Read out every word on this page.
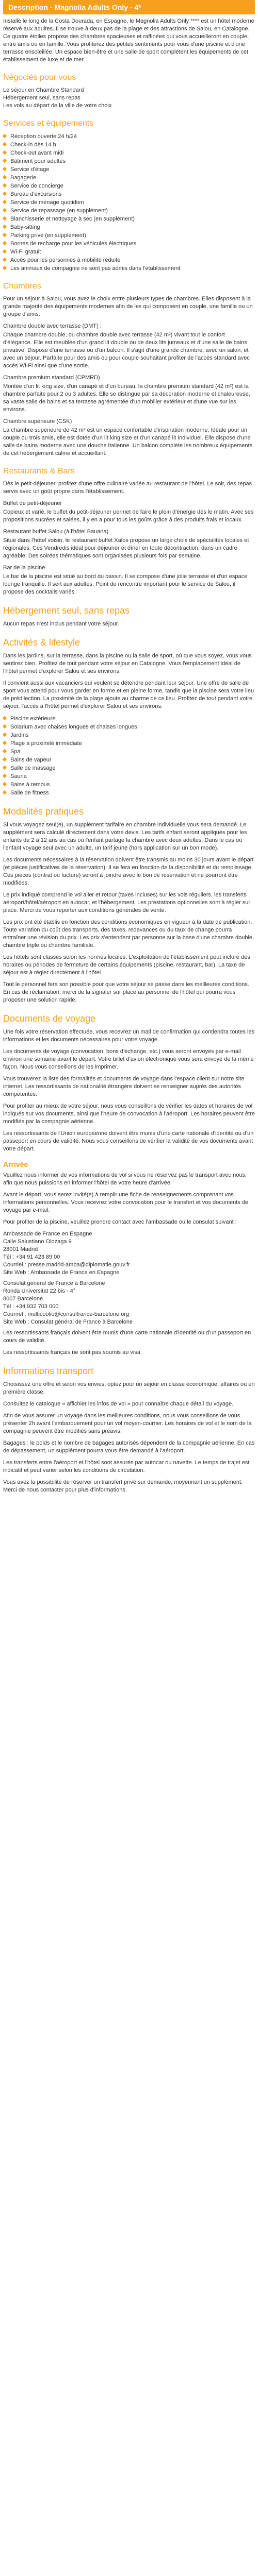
Description - Magnolia Adults Only - 4*

Installé le long de la Costa Dourada, en Espagne, le Magnolia Adults Only **** est un hôtel moderne réservé aux adultes. Il se trouve à deux pas de la plage et des attractions de Salou, en Catalogne. Ce quatre étoiles propose des chambres spacieuses et raffinées qui vous accueilleront en couple, entre amis ou en famille. Vous profiterez des petites sentiments pour vous d'une piscine et d'une terrasse ensoleillée. Un espace bien-être et une salle de sport complètent les équipements de cet établissement de luxe et de mer.

Négociés pour vous

Le séjour en Chambre Standard

Hébergement seul, sans repas

Les vols au départ de la ville de votre choix

Services et équipements
Réception ouverte 24 h/24
Check-in dès 14 h
Check-out avant midi
Bâtiment pour adultes
Service d'étage
Bagagerie
Service de concierge
Bureau d'excursions
Service de ménage quotidien
Service de repassage (en supplément)
Blanchisserie et nettoyage à sec (en supplément)
Baby-sitting
Parking privé (en supplément)
Bornes de recharge pour les véhicules électriques
Wi-Fi gratuit
Accès pour les personnes à mobilité réduite
Les animaux de compagnie ne sont pas admis dans l'établissement
Chambres

Pour un séjour à Salou, vous avez le choix entre plusieurs types de chambres. Elles disposent à la grande majorité des équipements modernes afin de les qui composent en couple, une famille ou un groupe d'amis.

Chambre double avec terrasse (DMT) :

Chaque chambre double, ou chambre double avec terrasse (42 m²) vivant tout le confort d'élégance. Elle est meublée d'un grand lit double ou de deux lits jumeaux et d'une salle de bains privative. Dispose d'une terrasse ou d'un balcon. Il s'agit d'une grande chambre, avec un salon, et avec un séjour. Parfaite pour des amis ou pour couple souhaitant profiter de l'accès standard avec accès Wi-Fi ainsi que d'une sortie.

Chambre premium standard (CPMRD)

Montée d'un lit king size, d'un canapé et d'un bureau, la chambre premium standard (42 m²) est la chambre parfaite pour 2 ou 3 adultes. Elle se distingue par sa décoration moderne et chaleureuse, sa vaste salle de bains et sa terrasse agrémentée d'un mobilier extérieur et d'une vue sur les environs.

Chambre supérieure (CSK)

La chambre supérieure de 42 m² est un espace confortable d'inspiration moderne. Idéale pour un couple ou trois amis, elle est dotée d'un lit king size et d'un canapé lit individuel. Elle dispose d'une salle de bains moderne avec une douche italienne. Un balcon complète les nombreux équipements de cet hébergement calme et accueillant.

Restaurants & Bars

Dès le petit-déjeuner, profitez d'une offre culinaire variée au restaurant de l'hôtel. Le soir, des repas servis avec un goût propre dans l'établissement.

Buffet de petit-déjeuner

Copieux et varié, le buffet du petit-déjeuner permet de faire le plein d'énergie dès le matin. Avec ses propositions sucrées et salées, il y en a pour tous les goûts grâce à des produits frais et locaux.

Restaurant buffet Salou (à l'hôtel Bauana)

Situé dans l'hôtel voisin, le restaurant buffet Xalos propose un large choix de spécialités locales et régionales. Ces Vendredis idéal pour déjeuner et dîner en toute décontraction, dans un cadre agréable. Des soirées thématiques sont organisées plusieurs fois par semaine.

Bar de la piscine

Le bar de la piscine est situé au bord du bassin. Il se compose d'une jolie terrasse et d'un espace lounge tranquille. Il sert aux adultes. Point de rencontre important pour le service de Salou, il propose des cocktails variés.

Hébergement seul, sans repas

Aucun repas n'est inclus pendant votre séjour.

Activités & lifestyle

Dans les jardins, sur la terrasse, dans la piscine ou la salle de sport, où que vous soyez, vous vous sentirez bien. Profitez de tout pendant votre séjour en Catalogne. Vous l'emplacement idéal de l'hôtel permet d'explorer Salou et ses environs.

Il convient aussi aux vacanciers qui veulent se détendre pendant leur séjour. Une offre de salle de sport vous attend pour vous garder en forme et en pleine forme, tandis que la piscine sera votre lieu de prédilection. La proximité de la plage ajoute au charme de ce lieu. Profitez de tout pendant votre séjour, l'accès à l'hôtel permet d'explorer Salou et ses environs.

Piscine extérieure
Solarium avec chaises longues et chaises longues
Jardins
Plage à proximité immédiate
Spa
Bains de vapeur
Salle de massage
Sauna
Bains à remous
Salle de fitness
Modalités pratiques

Si vous voyagez seul(e), un supplément tarifaire en chambre individuelle vous sera demandé. Le supplément sera calculé directement dans votre devis. Les tarifs enfant seront appliqués pour les enfants de 2 à 12 ans au cas où l'enfant partage la chambre avec deux adultes. Dans le cas où l'enfant voyage seul avec un adulte, un tarif jeune (hors application sur un bon mode).

Les documents nécessaires à la réservation doivent être transmis au moins 30 jours avant le départ (et pièces justificatives de la réservation). Il se fera en fonction de la disponibilité et du remplissage. Ces pièces (contrat ou facture) seront à joindre avec le bon de réservation et ne pourront être modifiées.

Le prix indiqué comprend le vol aller et retour (taxes incluses) sur les vols réguliers, les transferts aéroport/hôtel/aéroport en autocar, et l'hébergement. Les prestations optionnelles sont à régler sur place. Merci de vous reporter aux conditions générales de vente.

Les prix ont été établis en fonction des conditions économiques en vigueur à la date de publication. Toute variation du coût des transports, des taxes, redevances ou du taux de change pourra entraîner une révision du prix. Les prix s'entendent par personne sur la base d'une chambre double, chambre triple ou chambre familiale.

Les hôtels sont classés selon les normes locales. L'exploitation de l'établissement peut inclure des horaires ou périodes de fermeture de certains équipements (piscine, restaurant, bar). La taxe de séjour est à régler directement à l'hôtel.

Tout le personnel fera son possible pour que votre séjour se passe dans les meilleures conditions. En cas de réclamation, merci de la signaler sur place au personnel de l'hôtel qui pourra vous proposer une solution rapide.

Documents de voyage

Une fois votre réservation effectuée, vous recevrez un mail de confirmation qui contiendra toutes les informations et les documents nécessaires pour votre voyage.

Les documents de voyage (convocation, bons d'échange, etc.) vous seront envoyés par e-mail environ une semaine avant le départ. Votre billet d'avion électronique vous sera envoyé de la même façon. Nous vous conseillons de les imprimer.

Vous trouverez la liste des formalités et documents de voyage dans l'espace client sur notre site internet. Les ressortissants de nationalité étrangère doivent se renseigner auprès des autorités compétentes.

Pour profiter au mieux de votre séjour, nous vous conseillons de vérifier les dates et horaires de vol indiqués sur vos documents, ainsi que l'heure de convocation à l'aéroport. Les horaires peuvent être modifiés par la compagnie aérienne.

Les ressortissants de l'Union européenne doivent être munis d'une carte nationale d'identité ou d'un passeport en cours de validité. Nous vous conseillons de vérifier la validité de vos documents avant votre départ.

Arrivée

Veuillez nous informer de vos informations de vol si vous ne réservez pas le transport avec nous, afin que nous puissions en informer l'hôtel de votre heure d'arrivée.

Avant le départ, vous serez invité(e) à remplir une fiche de renseignements comprenant vos informations personnelles. Vous recevrez votre convocation pour le transfert et vos documents de voyage par e-mail.

Pour profiter de la piscine, veuillez prendre contact avec l'ambassade ou le consulat suivant :

Ambassade de France en Espagne

Calle Salustiano Olozaga 9

28001 Madrid

Tél : +34 91 423 89 00

Courriel : presse.madrid-amba@diplomatie.gouv.fr

Site Web : Ambassade de France en Espagne

Consulat général de France à Barcelone

Ronda Universitat 22 bis - 4°

8007 Barcelone

Tél : +34 932 703 000

Courriel : multicoolio@consulfrance-barcelone.org

Site Web : Consulat général de France à Barcelone

Les ressortissants français doivent être munis d'une carte nationale d'identité ou d'un passeport en cours de validité.

Les ressortissants français ne sont pas soumis au visa.

Informations transport

Choisissez une offre et selon vos envies, optez pour un séjour en classe économique, affaires ou en première classe.

Consultez le catalogue « affichier les infos de vol » pour connaître chaque détail du voyage.

Afin de vous assurer un voyage dans les meilleures conditions, nous vous conseillons de vous présenter 2h avant l'embarquement pour un vol moyen-courrier. Les horaires de vol et le nom de la compagnie peuvent être modifiés sans préavis.

Bagages : le poids et le nombre de bagages autorisés dépendent de la compagnie aérienne. En cas de dépassement, un supplément pourra vous être demandé à l'aéroport.

Les transferts entre l'aéroport et l'hôtel sont assurés par autocar ou navette. Le temps de trajet est indicatif et peut varier selon les conditions de circulation.

Vous avez la possibilité de réserver un transfert privé sur demande, moyennant un supplément. Merci de nous contacter pour plus d'informations.
